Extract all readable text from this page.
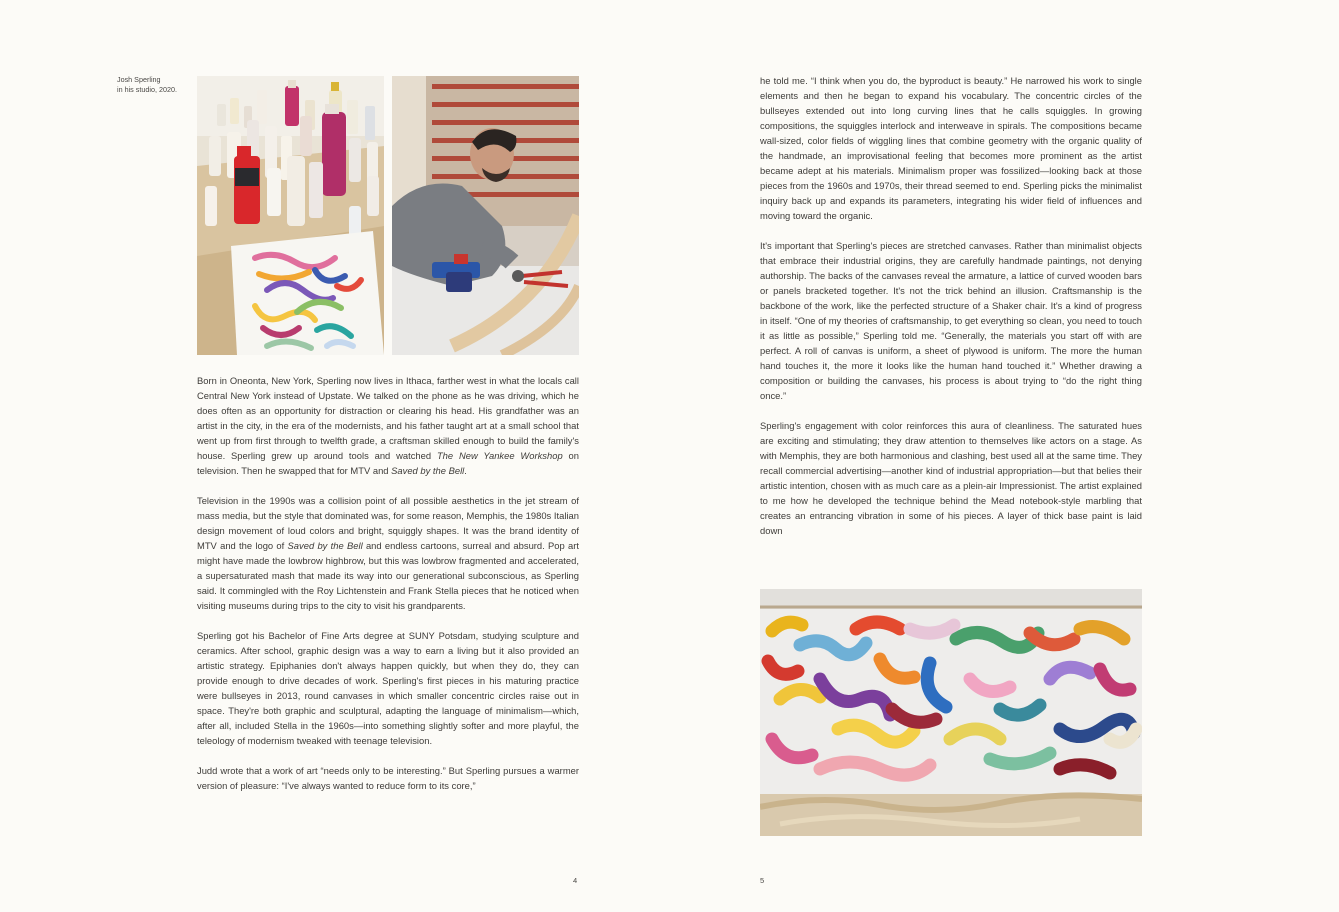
Josh Sperling
in his studio, 2020.

Born in Oneonta, New York, Sperling now lives in Ithaca, farther west in what the locals call Central New York instead of Upstate. We talked on the phone as he was driving, which he does often as an opportunity for distraction or clearing his head. His grandfather was an artist in the city, in the era of the modernists, and his father taught art at a small school that went up from first through to twelfth grade, a craftsman skilled enough to build the family's house. Sperling grew up around tools and watched The New Yankee Workshop on television. Then he swapped that for MTV and Saved by the Bell.

Television in the 1990s was a collision point of all possible aesthetics in the jet stream of mass media, but the style that dominated was, for some reason, Memphis, the 1980s Italian design movement of loud colors and bright, squiggly shapes. It was the brand identity of MTV and the logo of Saved by the Bell and endless cartoons, surreal and absurd. Pop art might have made the lowbrow highbrow, but this was lowbrow fragmented and accelerated, a supersaturated mash that made its way into our generational subconscious, as Sperling said. It commingled with the Roy Lichtenstein and Frank Stella pieces that he noticed when visiting museums during trips to the city to visit his grandparents.

Sperling got his Bachelor of Fine Arts degree at SUNY Potsdam, studying sculpture and ceramics. After school, graphic design was a way to earn a living but it also provided an artistic strategy. Epiphanies don't always happen quickly, but when they do, they can provide enough to drive decades of work. Sperling's first pieces in his maturing practice were bullseyes in 2013, round canvases in which smaller concentric circles raise out in space. They're both graphic and sculptural, adapting the language of minimalism—which, after all, included Stella in the 1960s—into something slightly softer and more playful, the teleology of modernism tweaked with teenage television.

Judd wrote that a work of art “needs only to be interesting.” But Sperling pursues a warmer version of pleasure: “I've always wanted to reduce form to its core,”

4

he told me. “I think when you do, the byproduct is beauty.” He narrowed his work to single elements and then he began to expand his vocabulary. The concentric circles of the bullseyes extended out into long curving lines that he calls squiggles. In growing compositions, the squiggles interlock and interweave in spirals. The compositions became wall-sized, color fields of wiggling lines that combine geometry with the organic quality of the handmade, an improvisational feeling that becomes more prominent as the artist became adept at his materials. Minimalism proper was fossilized—looking back at those pieces from the 1960s and 1970s, their thread seemed to end. Sperling picks the minimalist inquiry back up and expands its parameters, integrating his wider field of influences and moving toward the organic.

It's important that Sperling's pieces are stretched canvases. Rather than minimalist objects that embrace their industrial origins, they are carefully handmade paintings, not denying authorship. The backs of the canvases reveal the armature, a lattice of curved wooden bars or panels bracketed together. It's not the trick behind an illusion. Craftsmanship is the backbone of the work, like the perfected structure of a Shaker chair. It's a kind of progress in itself. “One of my theories of craftsmanship, to get everything so clean, you need to touch it as little as possible,” Sperling told me. “Generally, the materials you start off with are perfect. A roll of canvas is uniform, a sheet of plywood is uniform. The more the human hand touches it, the more it looks like the human hand touched it.” Whether drawing a composition or building the canvases, his process is about trying to “do the right thing once.”

Sperling's engagement with color reinforces this aura of cleanliness. The saturated hues are exciting and stimulating; they draw attention to themselves like actors on a stage. As with Memphis, they are both harmonious and clashing, best used all at the same time. They recall commercial advertising—another kind of industrial appropriation—but that belies their artistic intention, chosen with as much care as a plein-air Impressionist. The artist explained to me how he developed the technique behind the Mead notebook-style marbling that creates an entrancing vibration in some of his pieces. A layer of thick base paint is laid down

5
